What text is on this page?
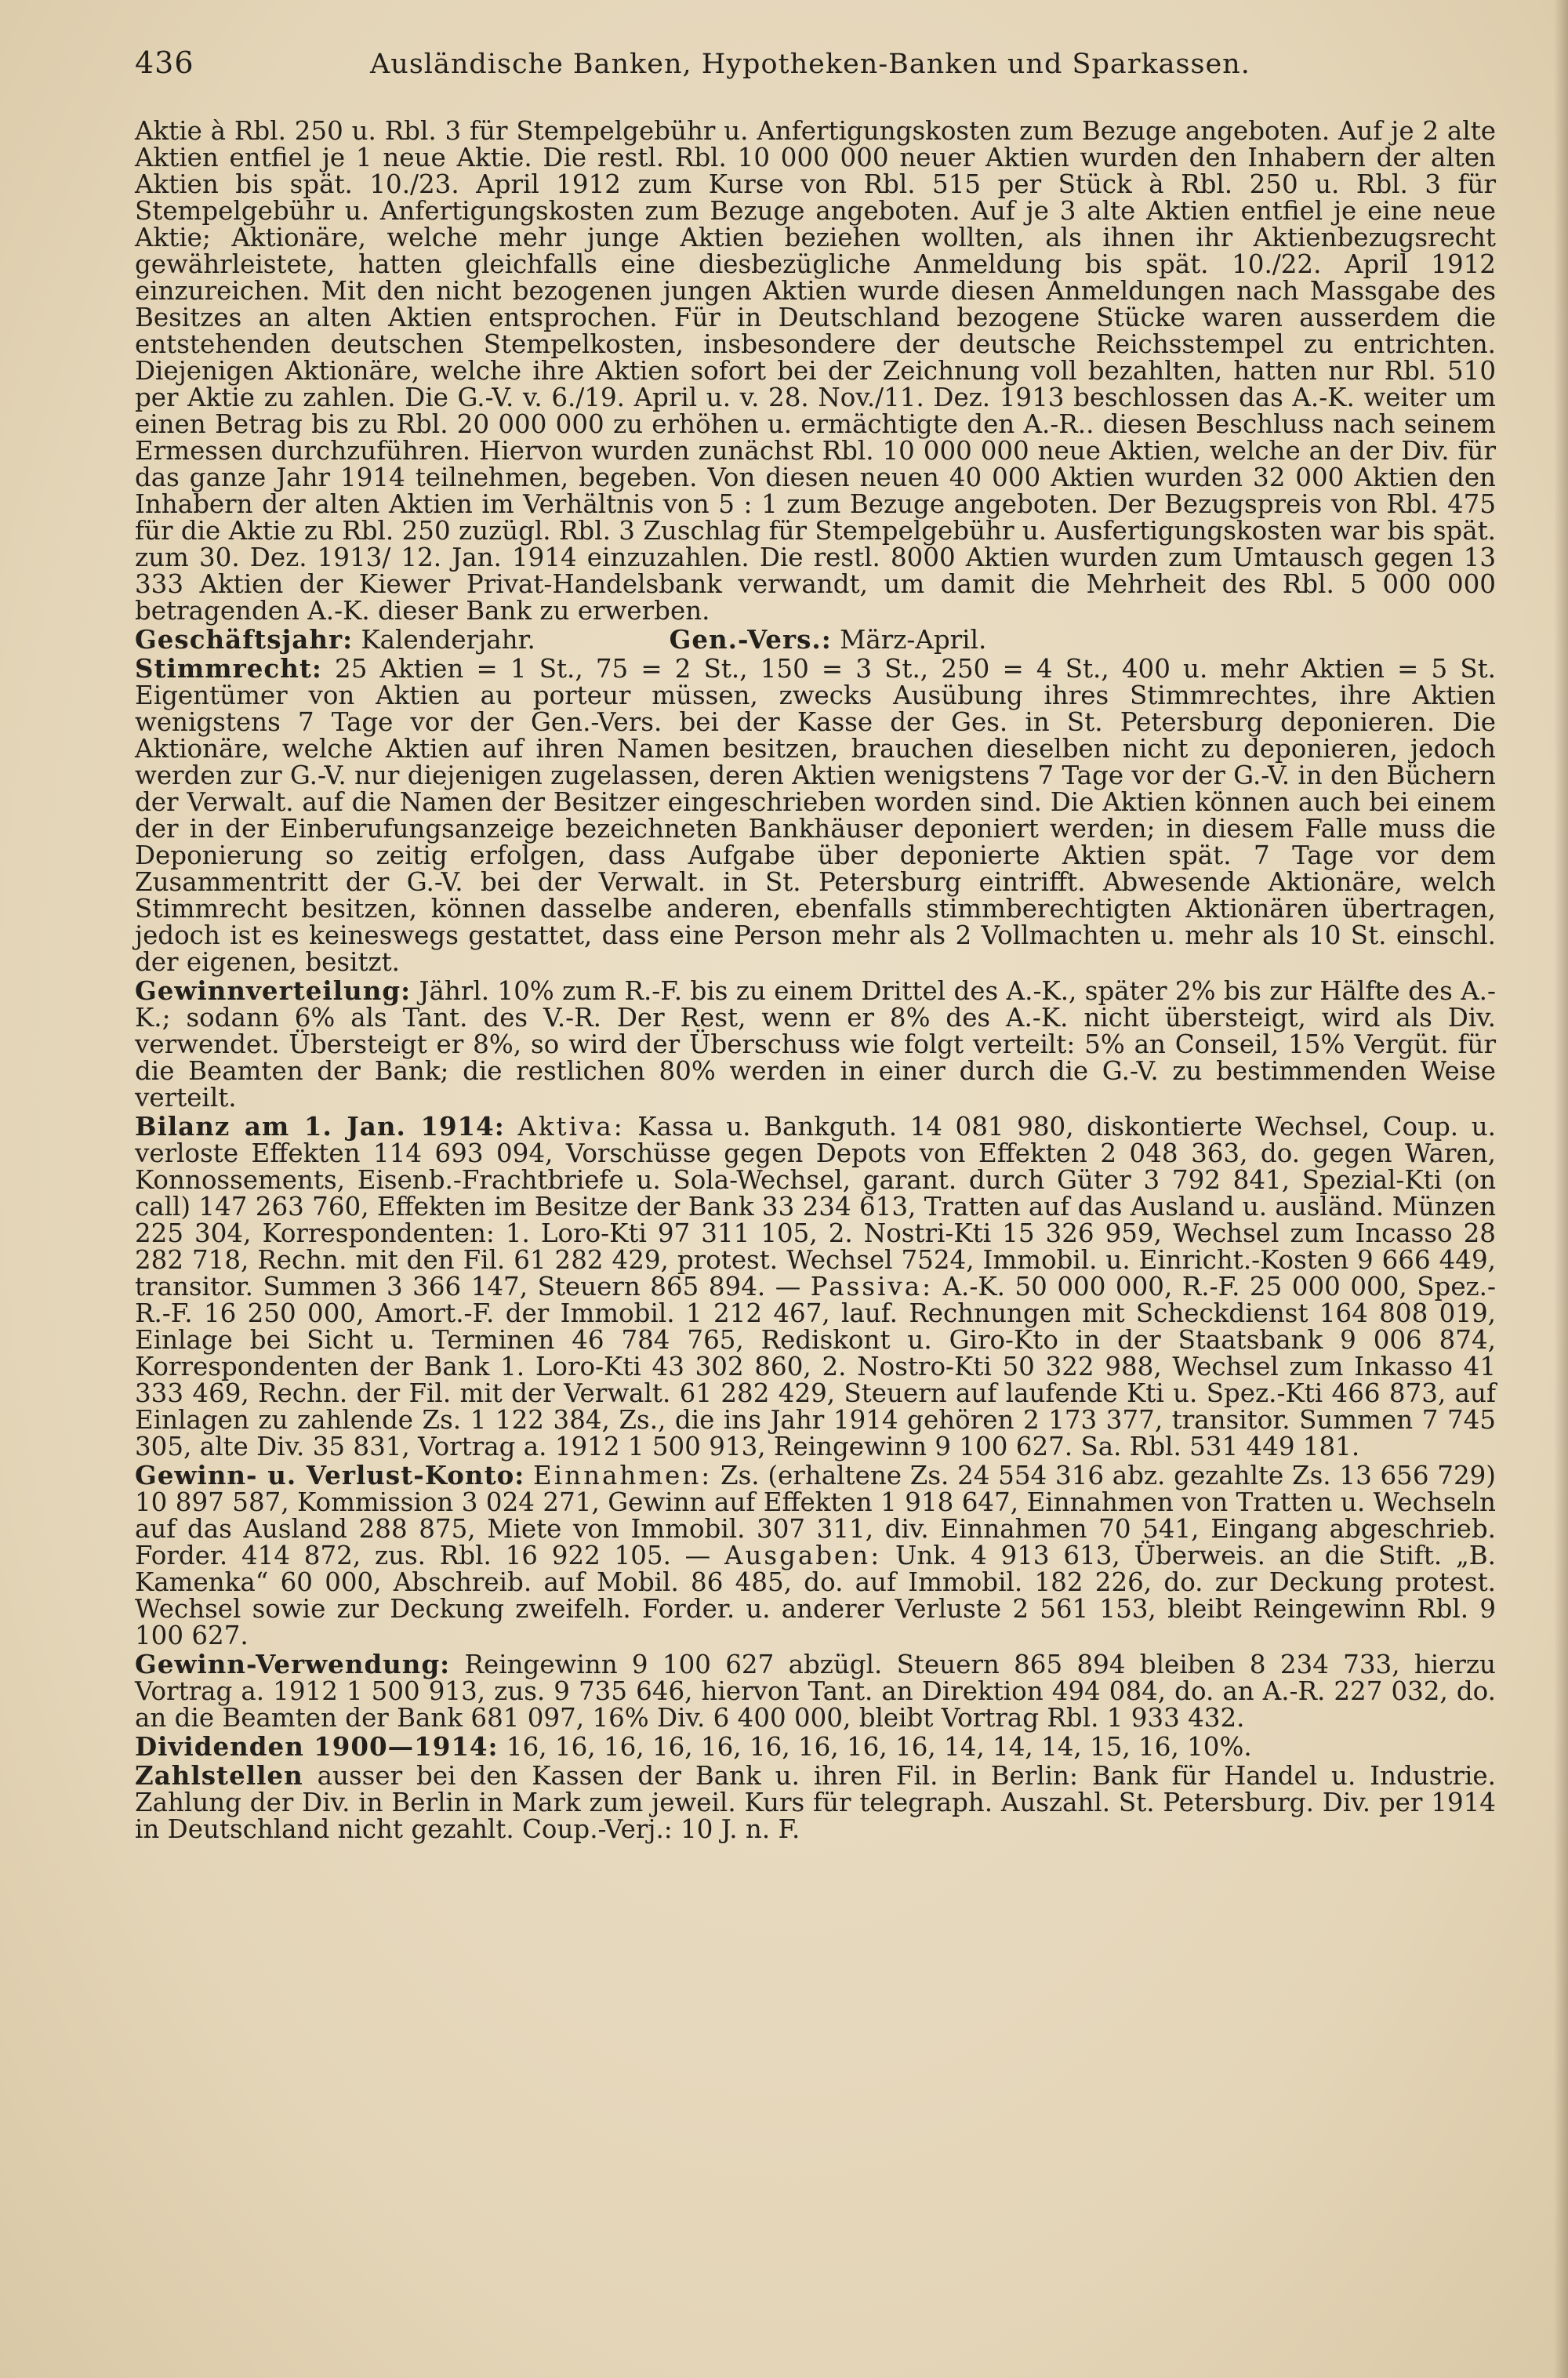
436	Ausländische Banken, Hypotheken-Banken und Sparkassen.

Aktie à Rbl. 250 u. Rbl. 3 für Stempelgebühr u. Anfertigungskosten zum Bezuge angeboten. Auf je 2 alte Aktien entfiel je 1 neue Aktie. Die restl. Rbl. 10 000 000 neuer Aktien wurden den Inhabern der alten Aktien bis spät. 10./23. April 1912 zum Kurse von Rbl. 515 per Stück à Rbl. 250 u. Rbl. 3 für Stempelgebühr u. Anfertigungskosten zum Bezuge angeboten. Auf je 3 alte Aktien entfiel je eine neue Aktie; Aktionäre, welche mehr junge Aktien beziehen wollten, als ihnen ihr Aktienbezugsrecht gewährleistete, hatten gleichfalls eine diesbezügliche Anmeldung bis spät. 10./22. April 1912 einzureichen. Mit den nicht bezogenen jungen Aktien wurde diesen Anmeldungen nach Massgabe des Besitzes an alten Aktien entsprochen. Für in Deutschland bezogene Stücke waren ausserdem die entstehenden deutschen Stempelkosten, insbesondere der deutsche Reichsstempel zu entrichten. Diejenigen Aktionäre, welche ihre Aktien sofort bei der Zeichnung voll bezahlten, hatten nur Rbl. 510 per Aktie zu zahlen. Die G.-V. v. 6./19. April u. v. 28. Nov./11. Dez. 1913 beschlossen das A.-K. weiter um einen Betrag bis zu Rbl. 20 000 000 zu erhöhen u. ermächtigte den A.-R.. diesen Beschluss nach seinem Ermessen durchzuführen. Hiervon wurden zunächst Rbl. 10 000 000 neue Aktien, welche an der Div. für das ganze Jahr 1914 teilnehmen, begeben. Von diesen neuen 40 000 Aktien wurden 32 000 Aktien den Inhabern der alten Aktien im Verhältnis von 5 : 1 zum Bezuge angeboten. Der Bezugspreis von Rbl. 475 für die Aktie zu Rbl. 250 zuzügl. Rbl. 3 Zuschlag für Stempelgebühr u. Ausfertigungskosten war bis spät. zum 30. Dez. 1913/ 12. Jan. 1914 einzuzahlen. Die restl. 8000 Aktien wurden zum Umtausch gegen 13 333 Aktien der Kiewer Privat-Handelsbank verwandt, um damit die Mehrheit des Rbl. 5 000 000 betragenden A.-K. dieser Bank zu erwerben.

Geschäftsjahr: Kalenderjahr.	Gen.-Vers.: März-April.

Stimmrecht: 25 Aktien = 1 St., 75 = 2 St., 150 = 3 St., 250 = 4 St., 400 u. mehr Aktien = 5 St. Eigentümer von Aktien au porteur müssen, zwecks Ausübung ihres Stimmrechtes, ihre Aktien wenigstens 7 Tage vor der Gen.-Vers. bei der Kasse der Ges. in St. Petersburg deponieren. Die Aktionäre, welche Aktien auf ihren Namen besitzen, brauchen dieselben nicht zu deponieren, jedoch werden zur G.-V. nur diejenigen zugelassen, deren Aktien wenigstens 7 Tage vor der G.-V. in den Büchern der Verwalt. auf die Namen der Besitzer eingeschrieben worden sind. Die Aktien können auch bei einem der in der Einberufungsanzeige bezeichneten Bankhäuser deponiert werden; in diesem Falle muss die Deponierung so zeitig erfolgen, dass Aufgabe über deponierte Aktien spät. 7 Tage vor dem Zusammentritt der G.-V. bei der Verwalt. in St. Petersburg eintrifft. Abwesende Aktionäre, welch Stimmrecht besitzen, können dasselbe anderen, ebenfalls stimmberechtigten Aktionären übertragen, jedoch ist es keineswegs gestattet, dass eine Person mehr als 2 Vollmachten u. mehr als 10 St. einschl. der eigenen, besitzt.

Gewinnverteilung: Jährl. 10% zum R.-F. bis zu einem Drittel des A.-K., später 2% bis zur Hälfte des A.-K.; sodann 6% als Tant. des V.-R. Der Rest, wenn er 8% des A.-K. nicht übersteigt, wird als Div. verwendet. Übersteigt er 8%, so wird der Überschuss wie folgt verteilt: 5% an Conseil, 15% Vergüt. für die Beamten der Bank; die restlichen 80% werden in einer durch die G.-V. zu bestimmenden Weise verteilt.

Bilanz am 1. Jan. 1914: Aktiva: Kassa u. Bankguth. 14 081 980, diskontierte Wechsel, Coup. u. verloste Effekten 114 693 094, Vorschüsse gegen Depots von Effekten 2 048 363, do. gegen Waren, Konnossements, Eisenb.-Frachtbriefe u. Sola-Wechsel, garant. durch Güter 3 792 841, Spezial-Kti (on call) 147 263 760, Effekten im Besitze der Bank 33 234 613, Tratten auf das Ausland u. ausländ. Münzen 225 304, Korrespondenten: 1. Loro-Kti 97 311 105, 2. Nostri-Kti 15 326 959, Wechsel zum Incasso 28 282 718, Rechn. mit den Fil. 61 282 429, protest. Wechsel 7524, Immobil. u. Einricht.-Kosten 9 666 449, transitor. Summen 3 366 147, Steuern 865 894. — Passiva: A.-K. 50 000 000, R.-F. 25 000 000, Spez.-R.-F. 16 250 000, Amort.-F. der Immobil. 1 212 467, lauf. Rechnungen mit Scheckdienst 164 808 019, Einlage bei Sicht u. Terminen 46 784 765, Rediskont u. Giro-Kto in der Staatsbank 9 006 874, Korrespondenten der Bank 1. Loro-Kti 43 302 860, 2. Nostro-Kti 50 322 988, Wechsel zum Inkasso 41 333 469, Rechn. der Fil. mit der Verwalt. 61 282 429, Steuern auf laufende Kti u. Spez.-Kti 466 873, auf Einlagen zu zahlende Zs. 1 122 384, Zs., die ins Jahr 1914 gehören 2 173 377, transitor. Summen 7 745 305, alte Div. 35 831, Vortrag a. 1912 1 500 913, Reingewinn 9 100 627. Sa. Rbl. 531 449 181.

Gewinn- u. Verlust-Konto: Einnahmen: Zs. (erhaltene Zs. 24 554 316 abz. gezahlte Zs. 13 656 729) 10 897 587, Kommission 3 024 271, Gewinn auf Effekten 1 918 647, Einnahmen von Tratten u. Wechseln auf das Ausland 288 875, Miete von Immobil. 307 311, div. Einnahmen 70 541, Eingang abgeschrieb. Forder. 414 872, zus. Rbl. 16 922 105. — Ausgaben: Unk. 4 913 613, Überweis. an die Stift. „B. Kamenka“ 60 000, Abschreib. auf Mobil. 86 485, do. auf Immobil. 182 226, do. zur Deckung protest. Wechsel sowie zur Deckung zweifelh. Forder. u. anderer Verluste 2 561 153, bleibt Reingewinn Rbl. 9 100 627.

Gewinn-Verwendung: Reingewinn 9 100 627 abzügl. Steuern 865 894 bleiben 8 234 733, hierzu Vortrag a. 1912 1 500 913, zus. 9 735 646, hiervon Tant. an Direktion 494 084, do. an A.-R. 227 032, do. an die Beamten der Bank 681 097, 16% Div. 6 400 000, bleibt Vortrag Rbl. 1 933 432.

Dividenden 1900—1914: 16, 16, 16, 16, 16, 16, 16, 16, 16, 14, 14, 14, 15, 16, 10%.

Zahlstellen ausser bei den Kassen der Bank u. ihren Fil. in Berlin: Bank für Handel u. Industrie. Zahlung der Div. in Berlin in Mark zum jeweil. Kurs für telegraph. Auszahl. St. Petersburg. Div. per 1914 in Deutschland nicht gezahlt. Coup.-Verj.: 10 J. n. F.
